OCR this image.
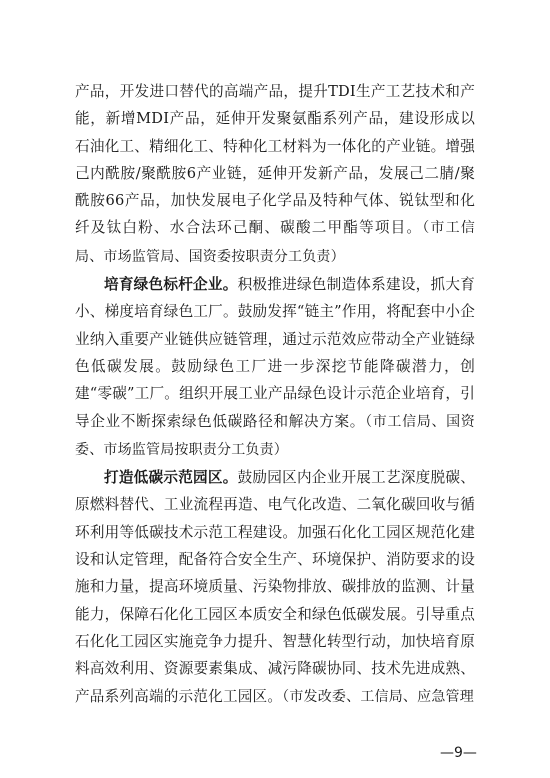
产品，开发进口替代的高端产品，提升TDI生产工艺技术和产能，新增MDI产品，延伸开发聚氨酯系列产品，建设形成以石油化工、精细化工、特种化工材料为一体化的产业链。增强己内酰胺/聚酰胺6产业链，延伸开发新产品，发展己二腈/聚酰胺66产品，加快发展电子化学品及特种气体、锐钛型和化纤及钛白粉、水合法环己酮、碳酸二甲酯等项目。（市工信局、市场监管局、国资委按职责分工负责）

培育绿色标杆企业。积极推进绿色制造体系建设，抓大育小、梯度培育绿色工厂。鼓励发挥“链主”作用，将配套中小企业纳入重要产业链供应链管理，通过示范效应带动全产业链绿色低碳发展。鼓励绿色工厂进一步深挖节能降碳潜力，创建“零碳”工厂。组织开展工业产品绿色设计示范企业培育，引导企业不断探索绿色低碳路径和解决方案。（市工信局、国资委、市场监管局按职责分工负责）

打造低碳示范园区。鼓励园区内企业开展工艺深度脱碳、原燃料替代、工业流程再造、电气化改造、二氧化碳回收与循环利用等低碳技术示范工程建设。加强石化化工园区规范化建设和认定管理，配备符合安全生产、环境保护、消防要求的设施和力量，提高环境质量、污染物排放、碳排放的监测、计量能力，保障石化化工园区本质安全和绿色低碳发展。引导重点石化化工园区实施竞争力提升、智慧化转型行动，加快培育原料高效利用、资源要素集成、减污降碳协同、技术先进成熟、产品系列高端的示范化工园区。（市发改委、工信局、应急管理

—9—
